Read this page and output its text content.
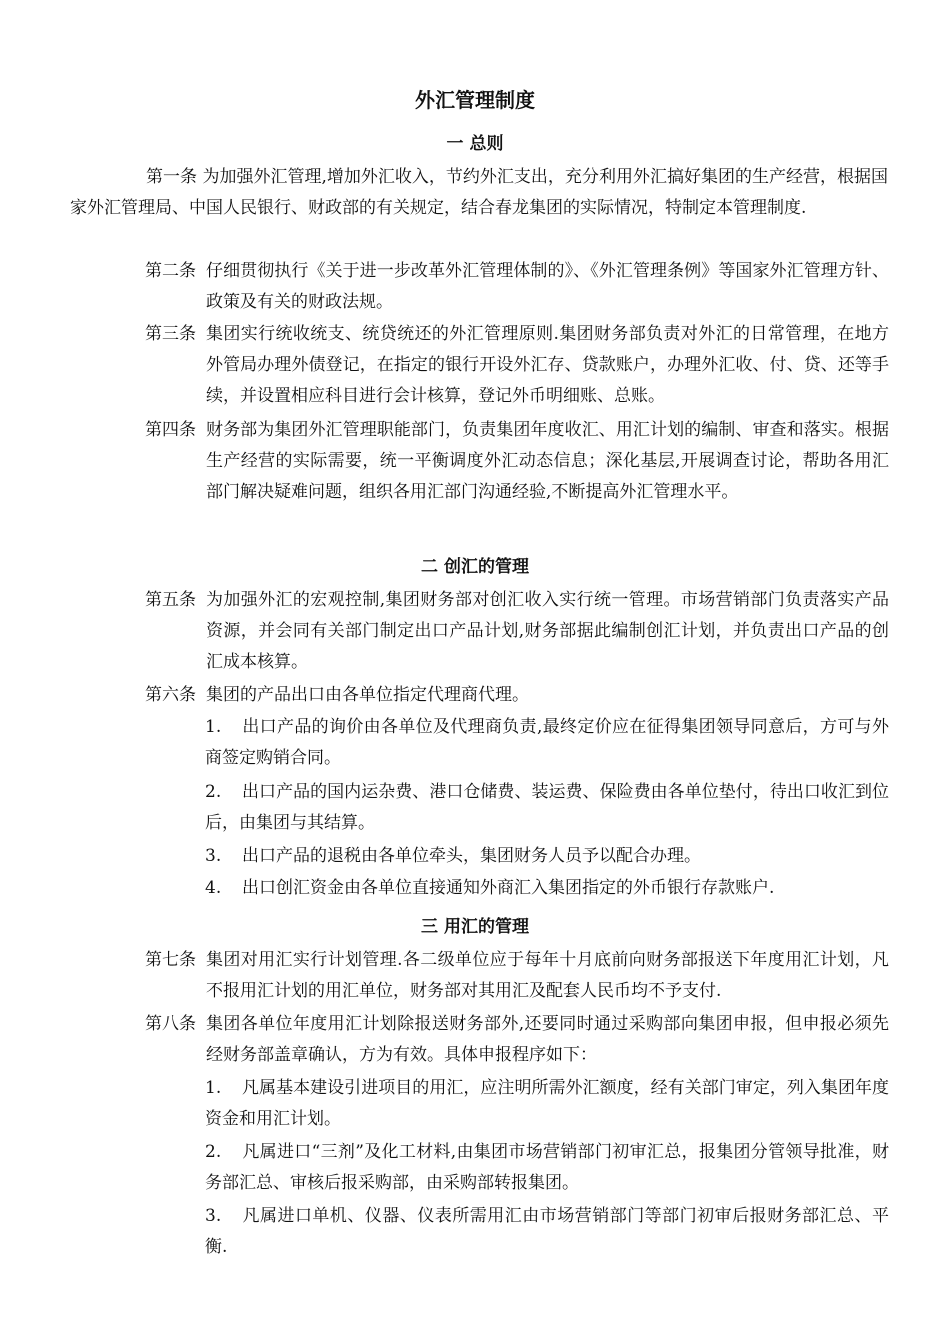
外汇管理制度
一 总则
第一条 为加强外汇管理,增加外汇收入，节约外汇支出，充分利用外汇搞好集团的生产经营，根据国家外汇管理局、中国人民银行、财政部的有关规定，结合春龙集团的实际情况，特制定本管理制度.
第二条 仔细贯彻执行《关于进一步改革外汇管理体制的》、《外汇管理条例》等国家外汇管理方针、政策及有关的财政法规。
第三条 集团实行统收统支、统贷统还的外汇管理原则.集团财务部负责对外汇的日常管理，在地方外管局办理外债登记，在指定的银行开设外汇存、贷款账户，办理外汇收、付、贷、还等手续，并设置相应科目进行会计核算，登记外币明细账、总账。
第四条 财务部为集团外汇管理职能部门，负责集团年度收汇、用汇计划的编制、审查和落实。根据生产经营的实际需要，统一平衡调度外汇动态信息；深化基层,开展调查讨论，帮助各用汇部门解决疑难问题，组织各用汇部门沟通经验,不断提高外汇管理水平。
二 创汇的管理
第五条 为加强外汇的宏观控制,集团财务部对创汇收入实行统一管理。市场营销部门负责落实产品资源，并会同有关部门制定出口产品计划,财务部据此编制创汇计划，并负责出口产品的创汇成本核算。
第六条 集团的产品出口由各单位指定代理商代理。
1. 出口产品的询价由各单位及代理商负责,最终定价应在征得集团领导同意后，方可与外商签定购销合同。
2. 出口产品的国内运杂费、港口仓储费、装运费、保险费由各单位垫付，待出口收汇到位后，由集团与其结算。
3. 出口产品的退税由各单位牵头，集团财务人员予以配合办理。
4. 出口创汇资金由各单位直接通知外商汇入集团指定的外币银行存款账户.
三 用汇的管理
第七条 集团对用汇实行计划管理.各二级单位应于每年十月底前向财务部报送下年度用汇计划，凡不报用汇计划的用汇单位，财务部对其用汇及配套人民币均不予支付.
第八条 集团各单位年度用汇计划除报送财务部外,还要同时通过采购部向集团申报，但申报必须先经财务部盖章确认，方为有效。具体申报程序如下：
1. 凡属基本建设引进项目的用汇，应注明所需外汇额度，经有关部门审定，列入集团年度资金和用汇计划。
2. 凡属进口“三剂”及化工材料,由集团市场营销部门初审汇总，报集团分管领导批准，财务部汇总、审核后报采购部，由采购部转报集团。
3. 凡属进口单机、仪器、仪表所需用汇由市场营销部门等部门初审后报财务部汇总、平衡.
